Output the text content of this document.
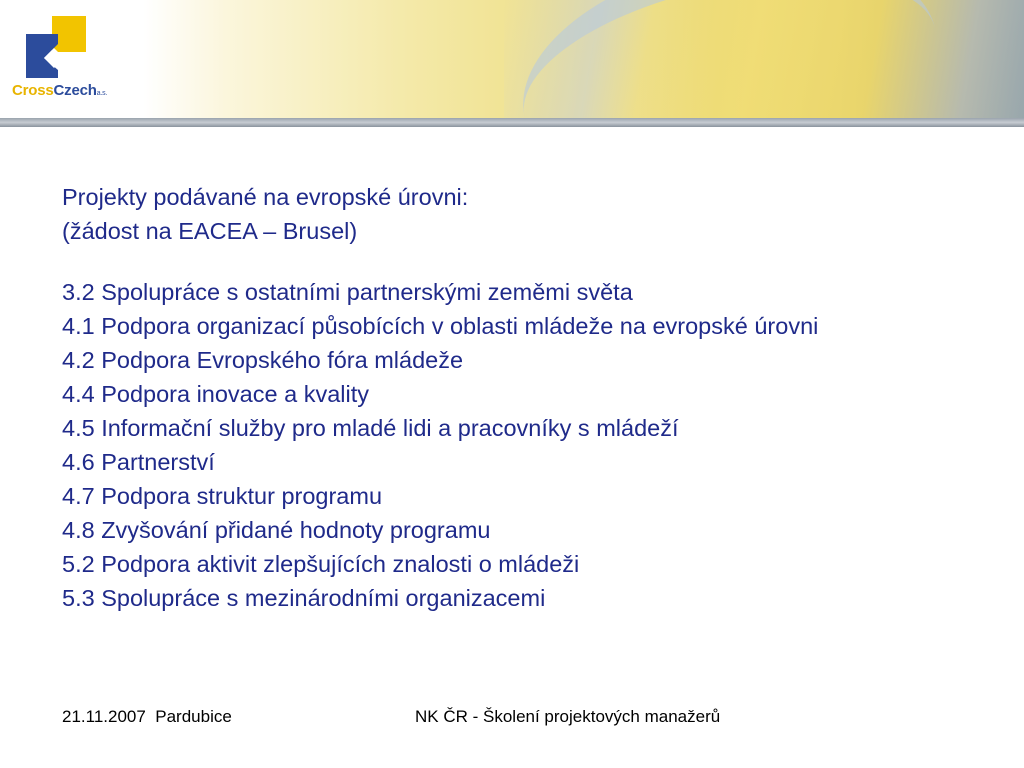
CrossCzecha.s.
Projekty podávané na evropské úrovni:
(žádost na EACEA – Brusel)
3.2 Spolupráce s ostatními partnerskými zeměmi světa
4.1 Podpora organizací působících v oblasti mládeže na evropské úrovni
4.2 Podpora Evropského fóra mládeže
4.4 Podpora inovace a kvality
4.5 Informační služby pro mladé lidi a pracovníky s mládeží
4.6 Partnerství
4.7 Podpora struktur programu
4.8 Zvyšování přidané hodnoty programu
5.2 Podpora aktivit zlepšujících znalosti o mládeži
5.3 Spolupráce s mezinárodními organizacemi
21.11.2007  Pardubice	NK ČR - Školení projektových manažerů
